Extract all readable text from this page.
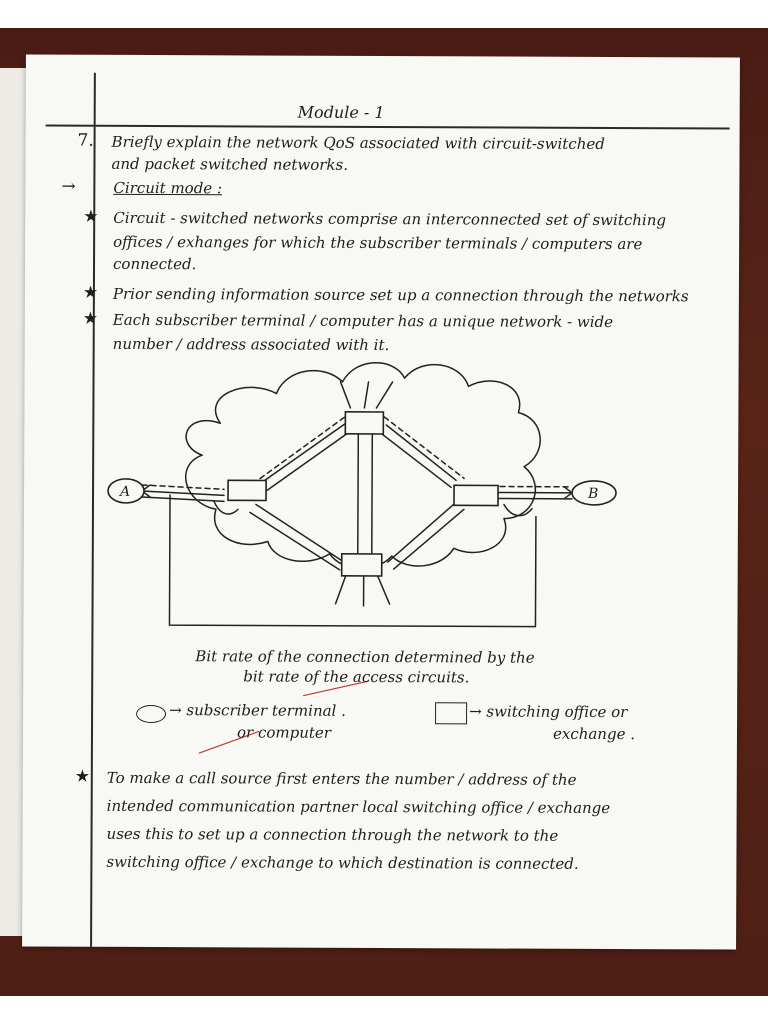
Module - 1

7. Briefly explain the network QoS associated with circuit-switched

and packet switched networks.

→	Circuit mode :

★ Circuit - switched networks comprise an interconnected set of switching

offices / exhanges for which the subscriber terminals / computers are

connected.

★ Prior sending information source set up a connection through the networks

★ Each subscriber terminal / computer has a unique network - wide

number / address associated with it.

A	B

Bit rate of the connection determined by the

bit rate of the access circuits.

→ subscriber terminal .

or computer

→ switching office or

exchange .

★ To make a call source first enters the number / address of the

intended communication partner local switching office / exchange

uses this to set up a connection through the network to the

switching office / exchange to which destination is connected.
